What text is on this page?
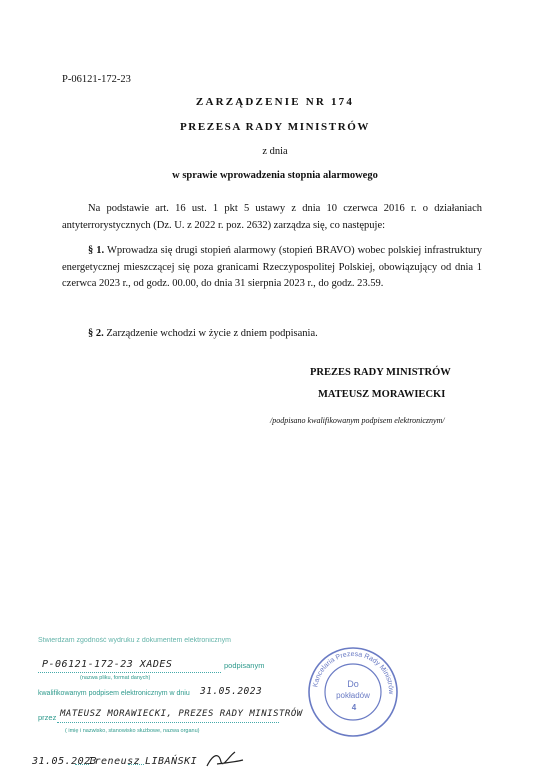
P-06121-172-23
ZARZĄDZENIE NR 174
PREZESA RADY MINISTRÓW
z dnia
w sprawie wprowadzenia stopnia alarmowego
Na podstawie art. 16 ust. 1 pkt 5 ustawy z dnia 10 czerwca 2016 r. o działaniach antyterrorystycznych (Dz. U. z 2022 r. poz. 2632) zarządza się, co następuje:
§ 1. Wprowadza się drugi stopień alarmowy (stopień BRAVO) wobec polskiej infrastruktury energetycznej mieszczącej się poza granicami Rzeczypospolitej Polskiej, obowiązujący od dnia 1 czerwca 2023 r., od godz. 00.00, do dnia 31 sierpnia 2023 r., do godz. 23.59.
§ 2. Zarządzenie wchodzi w życie z dniem podpisania.
PREZES RADY MINISTRÓW
MATEUSZ MORAWIECKI
/podpisano kwalifikowanym podpisem elektronicznym/
Stwierdzam zgodność wydruku z dokumentem elektronicznym
podpisanym
(nazwa pliku, format danych)
kwalifikowanym podpisem elektronicznym w dniu
przez
( imię i nazwisko, stanowisko służbowe, nazwa organu)
P-06121-172-23 XADES
31.05.2023
MATEUSZ MORAWIECKI, PREZES RADY MINISTRÓW
31.05.2023
Ireneusz LIBAŃSKI
Kancelaria Prezesa Rady Ministrów
Do
pokładów
4
